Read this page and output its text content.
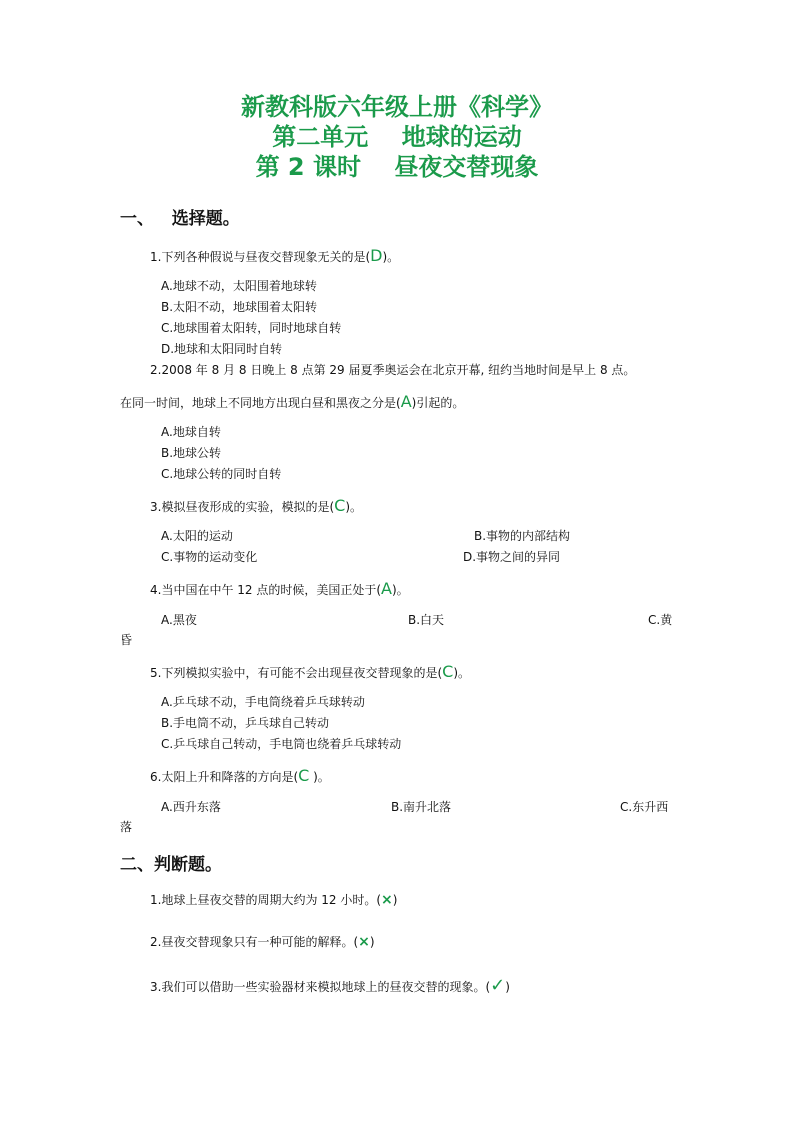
新教科版六年级上册《科学》
第二单元    地球的运动
第 2 课时    昼夜交替现象
一、   选择题。
1.下列各种假说与昼夜交替现象无关的是(D)。
A.地球不动，太阳围着地球转
B.太阳不动，地球围着太阳转
C.地球围着太阳转，同时地球自转
D.地球和太阳同时自转
2.2008 年 8 月 8 日晚上 8 点第 29 届夏季奥运会在北京开幕, 纽约当地时间是早上 8 点。
在同一时间，地球上不同地方出现白昼和黑夜之分是(A)引起的。
A.地球自转
B.地球公转
C.地球公转的同时自转
3.模拟昼夜形成的实验，模拟的是(C)。
A.太阳的运动	B.事物的内部结构
C.事物的运动变化	D.事物之间的异同
4.当中国在中午 12 点的时候，美国正处于(A)。
A.黑夜	B.白天	C.黄
昏
5.下列模拟实验中，有可能不会出现昼夜交替现象的是(C)。
A.乒乓球不动，手电筒绕着乒乓球转动
B.手电筒不动，乒乓球自己转动
C.乒乓球自己转动，手电筒也绕着乒乓球转动
6.太阳上升和降落的方向是(C )。
A.西升东落	B.南升北落	C.东升西
落
二、判断题。
1.地球上昼夜交替的周期大约为 12 小时。(×)
2.昼夜交替现象只有一种可能的解释。(×)
3.我们可以借助一些实验器材来模拟地球上的昼夜交替的现象。(✓)
